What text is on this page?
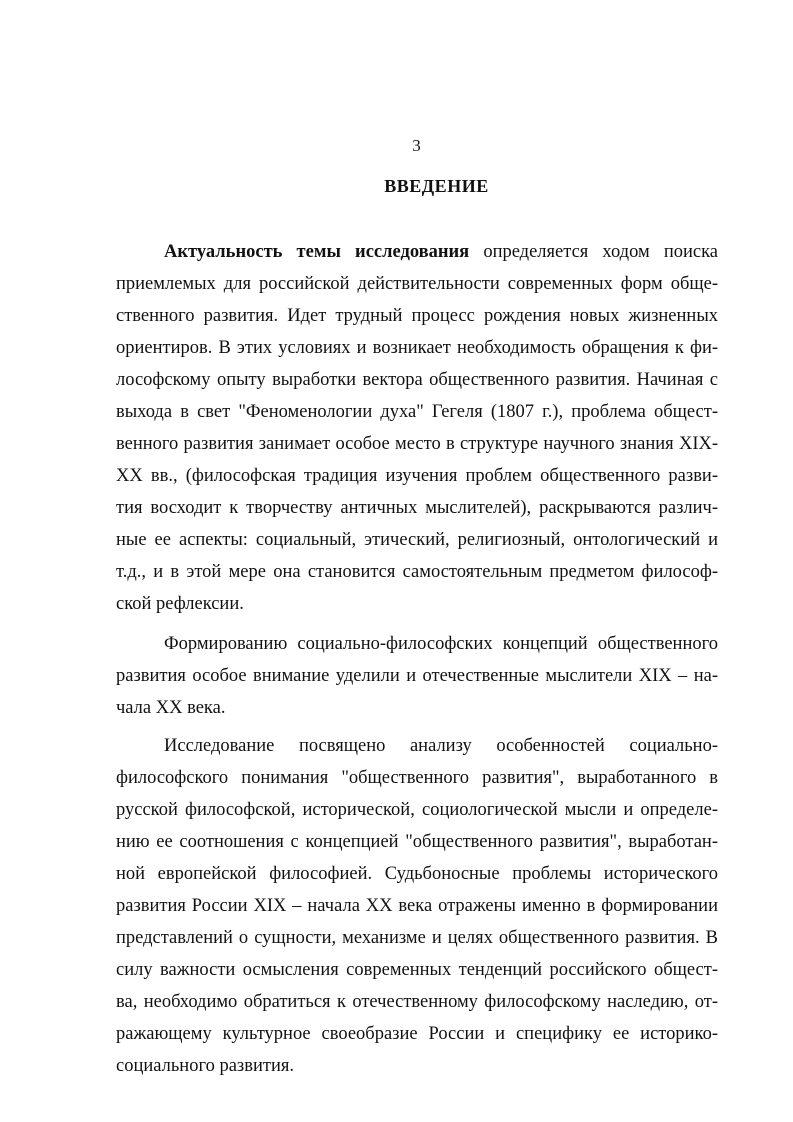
3
ВВЕДЕНИЕ
Актуальность темы исследования определяется ходом поиска
приемлемых для российской действительности современных форм обще-
ственного развития. Идет трудный процесс рождения новых жизненных
ориентиров. В этих условиях и возникает необходимость обращения к фи-
лософскому опыту выработки вектора общественного развития. Начиная с
выхода в свет "Феноменологии духа" Гегеля (1807 г.), проблема общест-
венного развития занимает особое место в структуре научного знания XIX-
XX вв., (философская традиция изучения проблем общественного разви-
тия восходит к творчеству античных мыслителей), раскрываются различ-
ные ее аспекты: социальный, этический, религиозный, онтологический и
т.д., и в этой мере она становится самостоятельным предметом философ-
ской рефлексии.
Формированию социально-философских концепций общественного
развития особое внимание уделили и отечественные мыслители XIX – на-
чала XX века.
Исследование посвящено анализу особенностей социально-
философского понимания "общественного развития", выработанного в
русской философской, исторической, социологической мысли и определе-
нию ее соотношения с концепцией "общественного развития", выработан-
ной европейской философией. Судьбоносные проблемы исторического
развития России XIX – начала XX века отражены именно в формировании
представлений о сущности, механизме и целях общественного развития. В
силу важности осмысления современных тенденций российского общест-
ва, необходимо обратиться к отечественному философскому наследию, от-
ражающему культурное своеобразие России и специфику ее историко-
социального развития.
